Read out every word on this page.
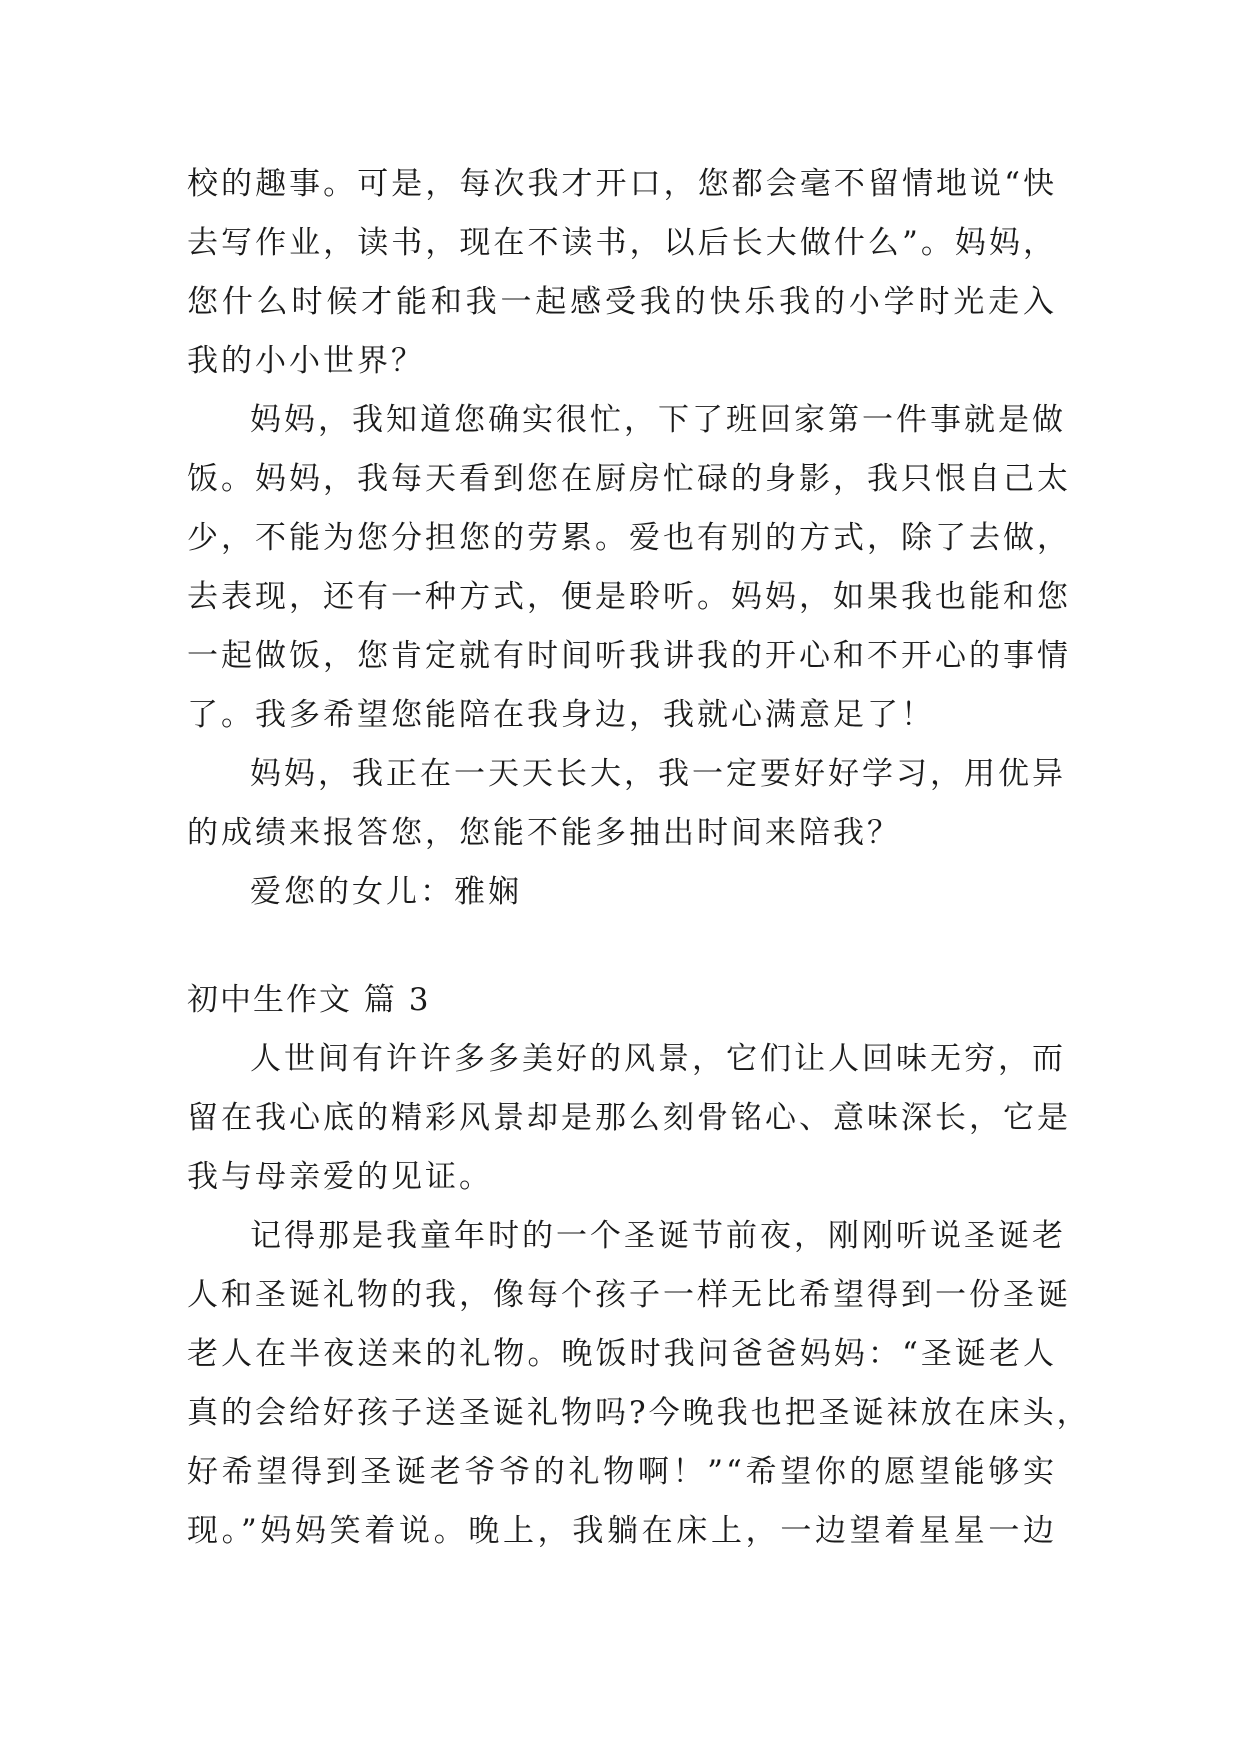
校的趣事。可是，每次我才开口，您都会毫不留情地说“快
去写作业，读书，现在不读书，以后长大做什么”。妈妈，
您什么时候才能和我一起感受我的快乐我的小学时光走入
我的小小世界？
妈妈，我知道您确实很忙，下了班回家第一件事就是做
饭。妈妈，我每天看到您在厨房忙碌的身影，我只恨自己太
少，不能为您分担您的劳累。爱也有别的方式，除了去做，
去表现，还有一种方式，便是聆听。妈妈，如果我也能和您
一起做饭，您肯定就有时间听我讲我的开心和不开心的事情
了。我多希望您能陪在我身边，我就心满意足了！
妈妈，我正在一天天长大，我一定要好好学习，用优异
的成绩来报答您，您能不能多抽出时间来陪我？
爱您的女儿：雅娴
初中生作文 篇 3
人世间有许许多多美好的风景，它们让人回味无穷，而
留在我心底的精彩风景却是那么刻骨铭心、意味深长，它是
我与母亲爱的见证。
记得那是我童年时的一个圣诞节前夜，刚刚听说圣诞老
人和圣诞礼物的我，像每个孩子一样无比希望得到一份圣诞
老人在半夜送来的礼物。晚饭时我问爸爸妈妈：“圣诞老人
真的会给好孩子送圣诞礼物吗?今晚我也把圣诞袜放在床头，
好希望得到圣诞老爷爷的礼物啊！”“希望你的愿望能够实
现。”妈妈笑着说。晚上，我躺在床上，一边望着星星一边
